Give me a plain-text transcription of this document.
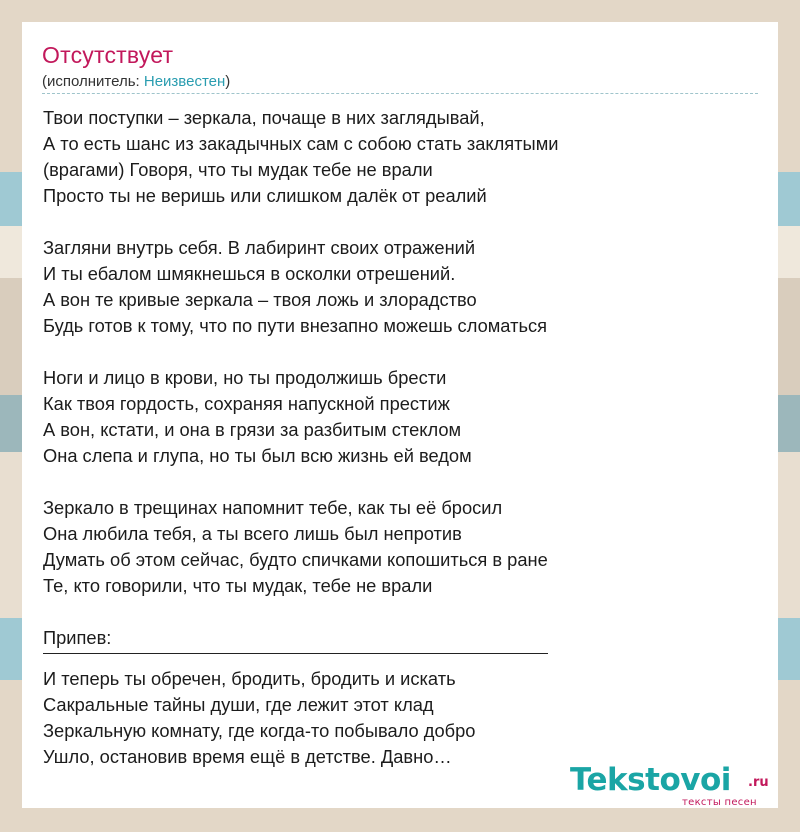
Отсутствует
(исполнитель: Неизвестен)
Твои поступки – зеркала, почаще в них заглядывай,
А то есть шанс из закадычных сам с собою стать заклятыми
(врагами) Говоря, что ты мудак тебе не врали
Просто ты не веришь или слишком далёк от реалий
Загляни внутрь себя. В лабиринт своих отражений
И ты ебалом шмякнешься в осколки отрешений.
А вон те кривые зеркала – твоя ложь и злорадство
Будь готов к тому, что по пути внезапно можешь сломаться
Ноги и лицо в крови, но ты продолжишь брести
Как твоя гордость, сохраняя напускной престиж
А вон, кстати, и она в грязи за разбитым стеклом
Она слепа и глупа, но ты был всю жизнь ей ведом
Зеркало в трещинах напомнит тебе, как ты её бросил
Она любила тебя, а ты всего лишь был непротив
Думать об этом сейчас, будто спичками копошиться в ране
Те, кто говорили, что ты мудак, тебе не врали
Припев:
И теперь ты обречен, бродить, бродить и искать
Сакральные тайны души, где лежит этот клад
Зеркальную комнату, где когда-то побывало добро
Ушло, остановив время ещё в детстве. Давно…
Tekstovoi .ru
тексты песен
